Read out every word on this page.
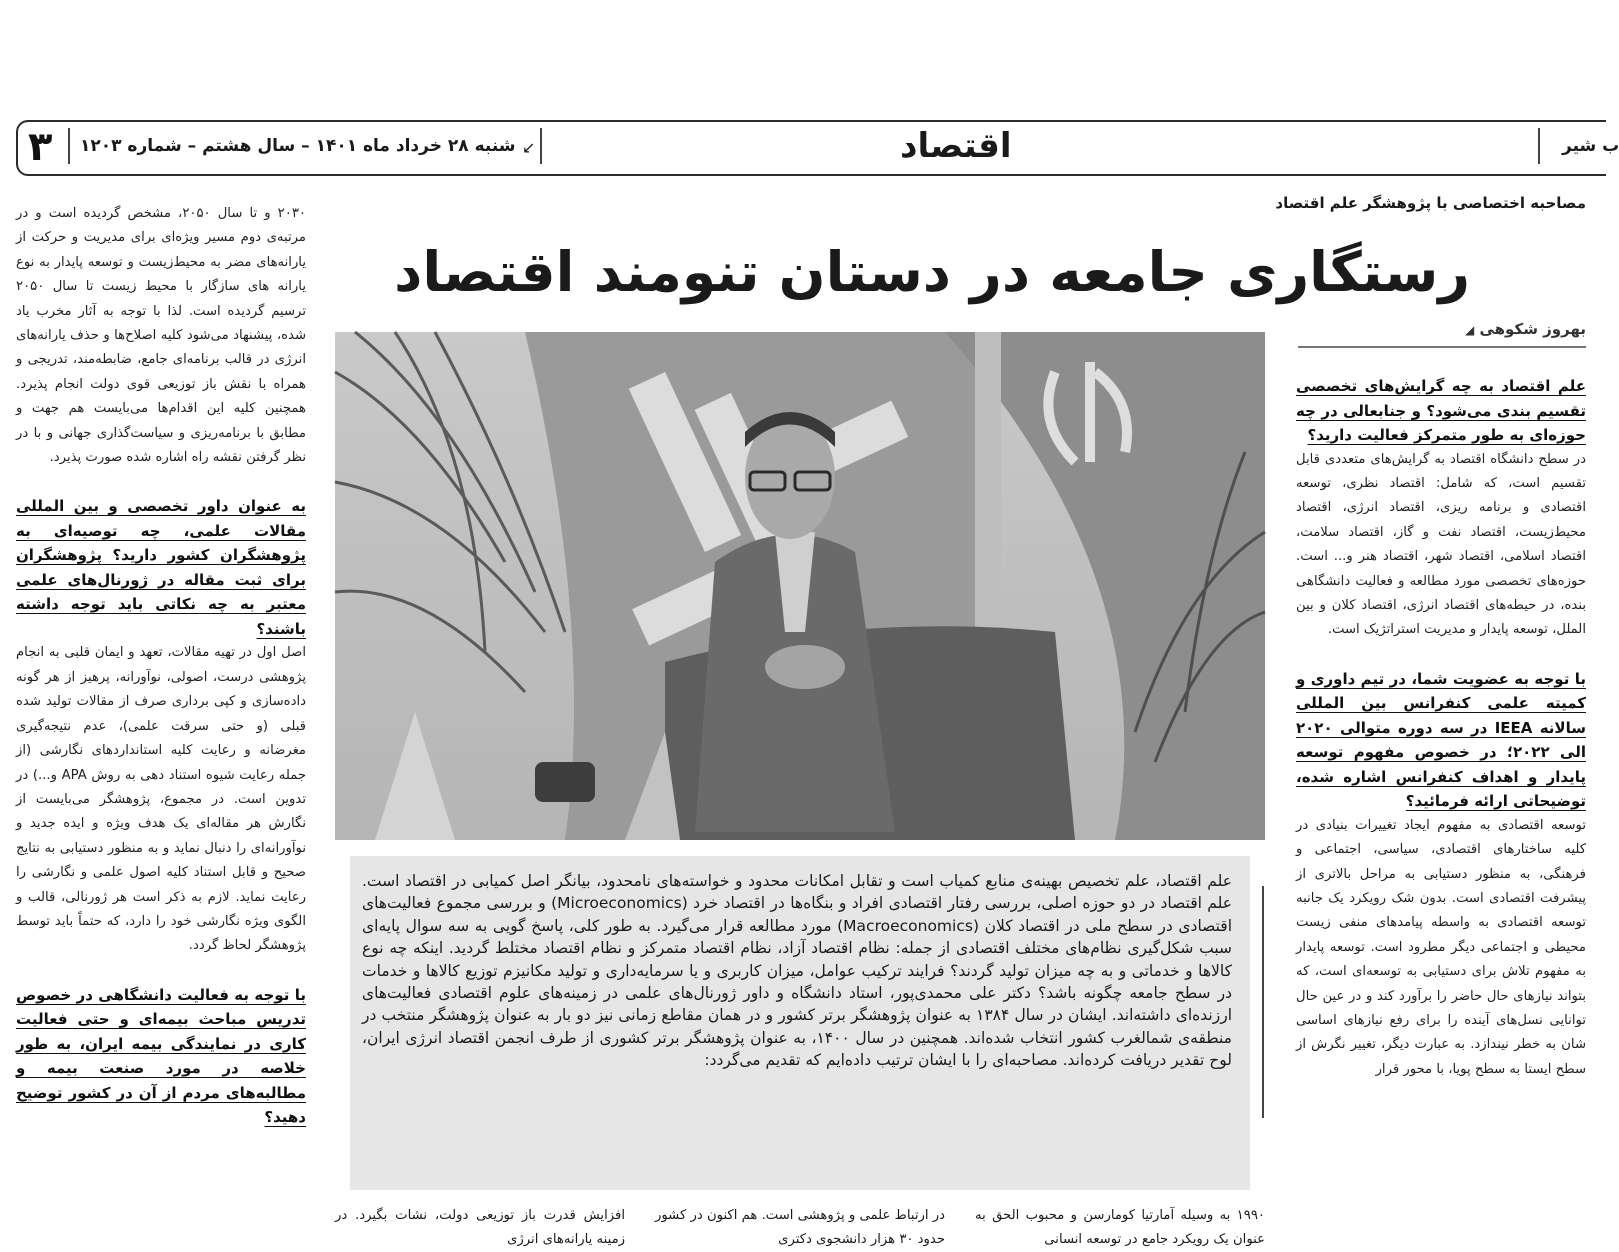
۳ شنبه ۲۸ خرداد ماه ۱۴۰۱ – سال هشتم – شماره ۱۲۰۳ ↙	اقتصاد	ب شیر
مصاحبه اختصاصی با پژوهشگر علم اقتصاد
رستگاری جامعه در دستان تنومند اقتصاد
بهروز شکوهی ◢
علم اقتصاد، علم تخصیص بهینه‌ی منابع کمیاب است و تقابل امکانات محدود و خواسته‌های نامحدود، بیانگر اصل کمیابی در اقتصاد است. علم اقتصاد در دو حوزه اصلی، بررسی رفتار اقتصادی افراد و بنگاه‌ها در اقتصاد خرد (Microeconomics) و بررسی مجموع فعالیت‌های اقتصادی در سطح ملی در اقتصاد کلان (Macroeconomics) مورد مطالعه قرار می‌گیرد. به طور کلی، پاسخ گویی به سه سوال پایه‌ای سبب شکل‌گیری نظام‌های مختلف اقتصادی از جمله: نظام اقتصاد آزاد، نظام اقتصاد متمرکز و نظام اقتصاد مختلط گردید. اینکه چه نوع کالاها و خدماتی و به چه میزان تولید گردند؟ فرایند ترکیب عوامل، میزان کاربری و یا سرمایه‌داری و تولید مکانیزم توزیع کالاها و خدمات در سطح جامعه چگونه باشد؟ دکتر علی محمدی‌پور، استاد دانشگاه و داور ژورنال‌های علمی در زمینه‌های علوم اقتصادی فعالیت‌های ارزنده‌ای داشته‌اند. ایشان در سال ۱۳۸۴ به عنوان پژوهشگر برتر کشور و در همان مقاطع زمانی نیز دو بار به عنوان پژوهشگر منتخب در منطقه‌ی شمالغرب کشور انتخاب شده‌اند. همچنین در سال ۱۴۰۰، به عنوان پژوهشگر برتر کشوری از طرف انجمن اقتصاد انرژی ایران، لوح تقدیر دریافت کرده‌اند. مصاحبه‌ای را با ایشان ترتیب داده‌ایم که تقدیم می‌گردد:
۲۰۳۰ و تا سال ۲۰۵۰، مشخص گردیده است و در مرتبه‌ی دوم مسیر ویژه‌ای برای مدیریت و حرکت از یارانه‌های مضر به محیط‌زیست و توسعه پایدار به نوع یارانه های سازگار با محیط زیست تا سال ۲۰۵۰ ترسیم گردیده است. لذا با توجه به آثار مخرب یاد شده، پیشنهاد می‌شود کلیه اصلاح‌ها و حذف یارانه‌های انرژی در قالب برنامه‌ای جامع، ضابطه‌مند، تدریجی و همراه با نقش باز توزیعی قوی دولت انجام پذیرد. همچنین کلیه این اقدام‌ها می‌بایست هم جهت و مطابق با برنامه‌ریزی و سیاست‌گذاری جهانی و با در نظر گرفتن نقشه راه اشاره شده صورت پذیرد.
به عنوان داور تخصصی و بین المللی مقالات علمی، چه توصیه‌ای به پژوهشگران کشور دارید؟ پژوهشگران برای ثبت مقاله در ژورنال‌های علمی معتبر به چه نکاتی باید توجه داشته باشند؟
اصل اول در تهیه مقالات، تعهد و ایمان قلبی به انجام پژوهشی درست، اصولی، نوآورانه، پرهیز از هر گونه داده‌سازی و کپی برداری صرف از مقالات تولید شده قبلی (و حتی سرقت علمی)، عدم نتیجه‌گیری مغرضانه و رعایت کلیه استانداردهای نگارشی (از جمله رعایت شیوه استناد دهی به روش APA و...) در تدوین است. در مجموع، پژوهشگر می‌بایست از نگارش هر مقاله‌ای یک هدف ویژه و ایده جدید و نوآورانه‌ای را دنبال نماید و به منظور دستیابی به نتایج صحیح و قابل استناد کلیه اصول علمی و نگارشی را رعایت نماید. لازم به ذکر است هر ژورنالی، قالب و الگوی ویژه نگارشی خود را دارد، که حتماً باید توسط پژوهشگر لحاظ گردد.
با توجه به فعالیت دانشگاهی در خصوص تدریس مباحث بیمه‌ای و حتی فعالیت کاری در نمایندگی بیمه ایران، به طور خلاصه در مورد صنعت بیمه و مطالبه‌های مردم از آن در کشور توضیح دهید؟
علم اقتصاد به چه گرایش‌های تخصصی تقسیم بندی می‌شود؟ و جنابعالی در چه حوزه‌ای به طور متمرکز فعالیت دارید؟
در سطح دانشگاه اقتصاد به گرایش‌های متعددی قابل تقسیم است، که شامل: اقتصاد نظری، توسعه اقتصادی و برنامه ریزی، اقتصاد انرژی، اقتصاد محیط‌زیست، اقتصاد نفت و گاز، اقتصاد سلامت، اقتصاد اسلامی، اقتصاد شهر، اقتصاد هنر و... است. حوزه‌های تخصصی مورد مطالعه و فعالیت دانشگاهی بنده، در حیطه‌های اقتصاد انرژی، اقتصاد کلان و بین الملل، توسعه پایدار و مدیریت استراتژیک است.
با توجه به عضویت شما، در تیم داوری و کمیته علمی کنفرانس بین المللی سالانه IEEA در سه دوره متوالی ۲۰۲۰ الی ۲۰۲۲؛ در خصوص مفهوم توسعه پایدار و اهداف کنفرانس اشاره شده، توضیحاتی ارائه فرمائید؟
توسعه اقتصادی به مفهوم ایجاد تغییرات بنیادی در کلیه ساختارهای اقتصادی، سیاسی، اجتماعی و فرهنگی، به منظور دستیابی به مراحل بالاتری از پیشرفت اقتصادی است. بدون شک رویکرد یک جانبه توسعه اقتصادی به واسطه پیامدهای منفی زیست محیطی و اجتماعی دیگر مطرود است. توسعه پایدار به مفهوم تلاش برای دستیابی به توسعه‌ای است، که بتواند نیازهای حال حاضر را برآورد کند و در عین حال توانایی نسل‌های آینده را برای رفع نیازهای اساسی شان به خطر نیندازد. به عبارت دیگر، تغییر نگرش از سطح ایستا به سطح پویا، با محور قرار
۱۹۹۰ به وسیله آمارتیا کومارسن و محبوب الحق به عنوان یک رویکرد جامع در توسعه انسانی
در ارتباط علمی و پژوهشی است. هم اکنون در کشور حدود ۳۰ هزار دانشجوی دکتری
افزایش قدرت باز توزیعی دولت، نشات بگیرد. در زمینه یارانه‌های انرژی
